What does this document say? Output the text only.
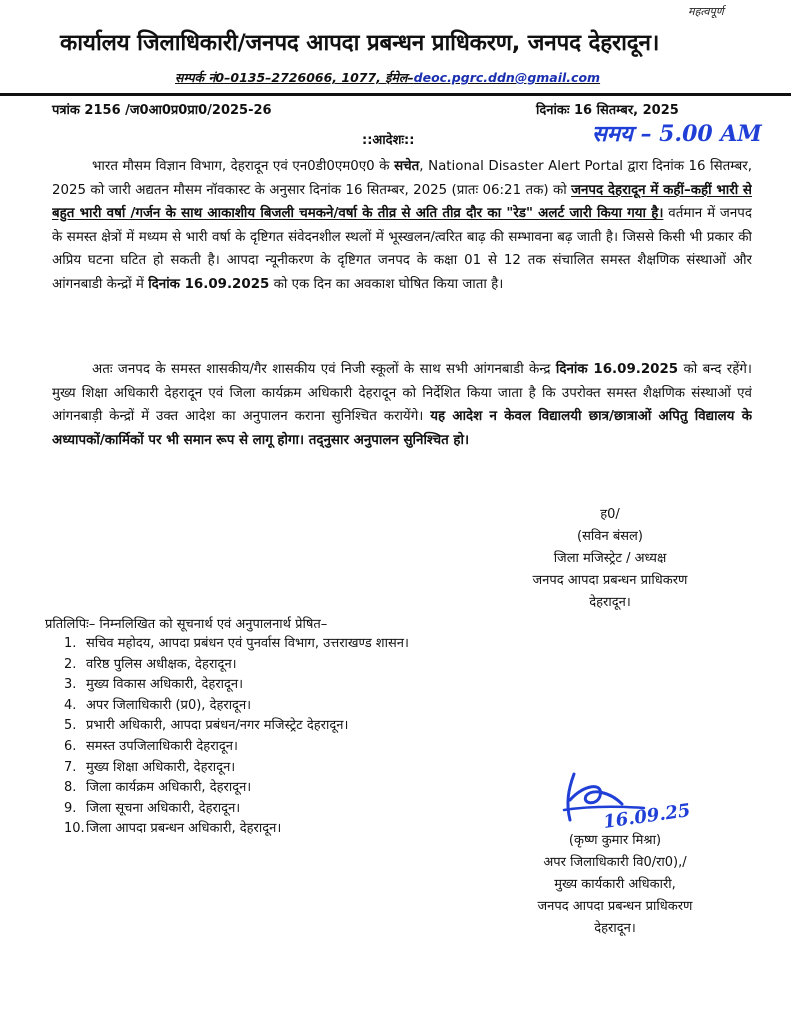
महत्वपूर्ण
कार्यालय जिलाधिकारी/जनपद आपदा प्रबन्धन प्राधिकरण, जनपद देहरादून।
सम्पर्क नं0–0135–2726066, 1077, ईमेल–deoc.pgrc.ddn@gmail.com
पत्रांक 2156 /ज0आ0प्र0प्रा0/2025-26	दिनांकः 16 सितम्बर, 2025
समय – 5.00 AM
::आदेशः::
भारत मौसम विज्ञान विभाग, देहरादून एवं एन0डी0एम0ए0 के सचेत, National Disaster Alert Portal द्वारा दिनांक 16 सितम्बर, 2025 को जारी अद्यतन मौसम नॉवकास्ट के अनुसार दिनांक 16 सितम्बर, 2025 (प्रातः 06:21 तक) को जनपद देहरादून में कहीं–कहीं भारी से बहुत भारी वर्षा /गर्जन के साथ आकाशीय बिजली चमकने/वर्षा के तीव्र से अति तीव्र दौर का "रेड" अलर्ट जारी किया गया है। वर्तमान में जनपद के समस्त क्षेत्रों में मध्यम से भारी वर्षा के दृष्टिगत संवेदनशील स्थलों में भूस्खलन/त्वरित बाढ़ की सम्भावना बढ़ जाती है। जिससे किसी भी प्रकार की अप्रिय घटना घटित हो सकती है। आपदा न्यूनीकरण के दृष्टिगत जनपद के कक्षा 01 से 12 तक संचालित समस्त शैक्षणिक संस्थाओं और आंगनबाडी केन्द्रों में दिनांक 16.09.2025 को एक दिन का अवकाश घोषित किया जाता है।
अतः जनपद के समस्त शासकीय/गैर शासकीय एवं निजी स्कूलों के साथ सभी आंगनबाडी केन्द्र दिनांक 16.09.2025 को बन्द रहेंगे। मुख्य शिक्षा अधिकारी देहरादून एवं जिला कार्यक्रम अधिकारी देहरादून को निर्देशित किया जाता है कि उपरोक्त समस्त शैक्षणिक संस्थाओं एवं आंगनबाड़ी केन्द्रों में उक्त आदेश का अनुपालन कराना सुनिश्चित करायेंगे। यह आदेश न केवल विद्यालयी छात्र/छात्राओं अपितु विद्यालय के अध्यापकों/कार्मिकों पर भी समान रूप से लागू होगा। तद्नुसार अनुपालन सुनिश्चित हो।
ह0/
(सविन बंसल)
जिला मजिस्ट्रेट / अध्यक्ष
जनपद आपदा प्रबन्धन प्राधिकरण
देहरादून।
प्रतिलिपिः– निम्नलिखित को सूचनार्थ एवं अनुपालनार्थ प्रेषित–
1. सचिव महोदय, आपदा प्रबंधन एवं पुनर्वास विभाग, उत्तराखण्ड शासन।
2. वरिष्ठ पुलिस अधीक्षक, देहरादून।
3. मुख्य विकास अधिकारी, देहरादून।
4. अपर जिलाधिकारी (प्र0), देहरादून।
5. प्रभारी अधिकारी, आपदा प्रबंधन/नगर मजिस्ट्रेट देहरादून।
6. समस्त उपजिलाधिकारी देहरादून।
7. मुख्य शिक्षा अधिकारी, देहरादून।
8. जिला कार्यक्रम अधिकारी, देहरादून।
9. जिला सूचना अधिकारी, देहरादून।
10.जिला आपदा प्रबन्धन अधिकारी, देहरादून।	16.09.25
(कृष्ण कुमार मिश्रा)
अपर जिलाधिकारी वि0/रा0),/
मुख्य कार्यकारी अधिकारी,
जनपद आपदा प्रबन्धन प्राधिकरण
देहरादून।
